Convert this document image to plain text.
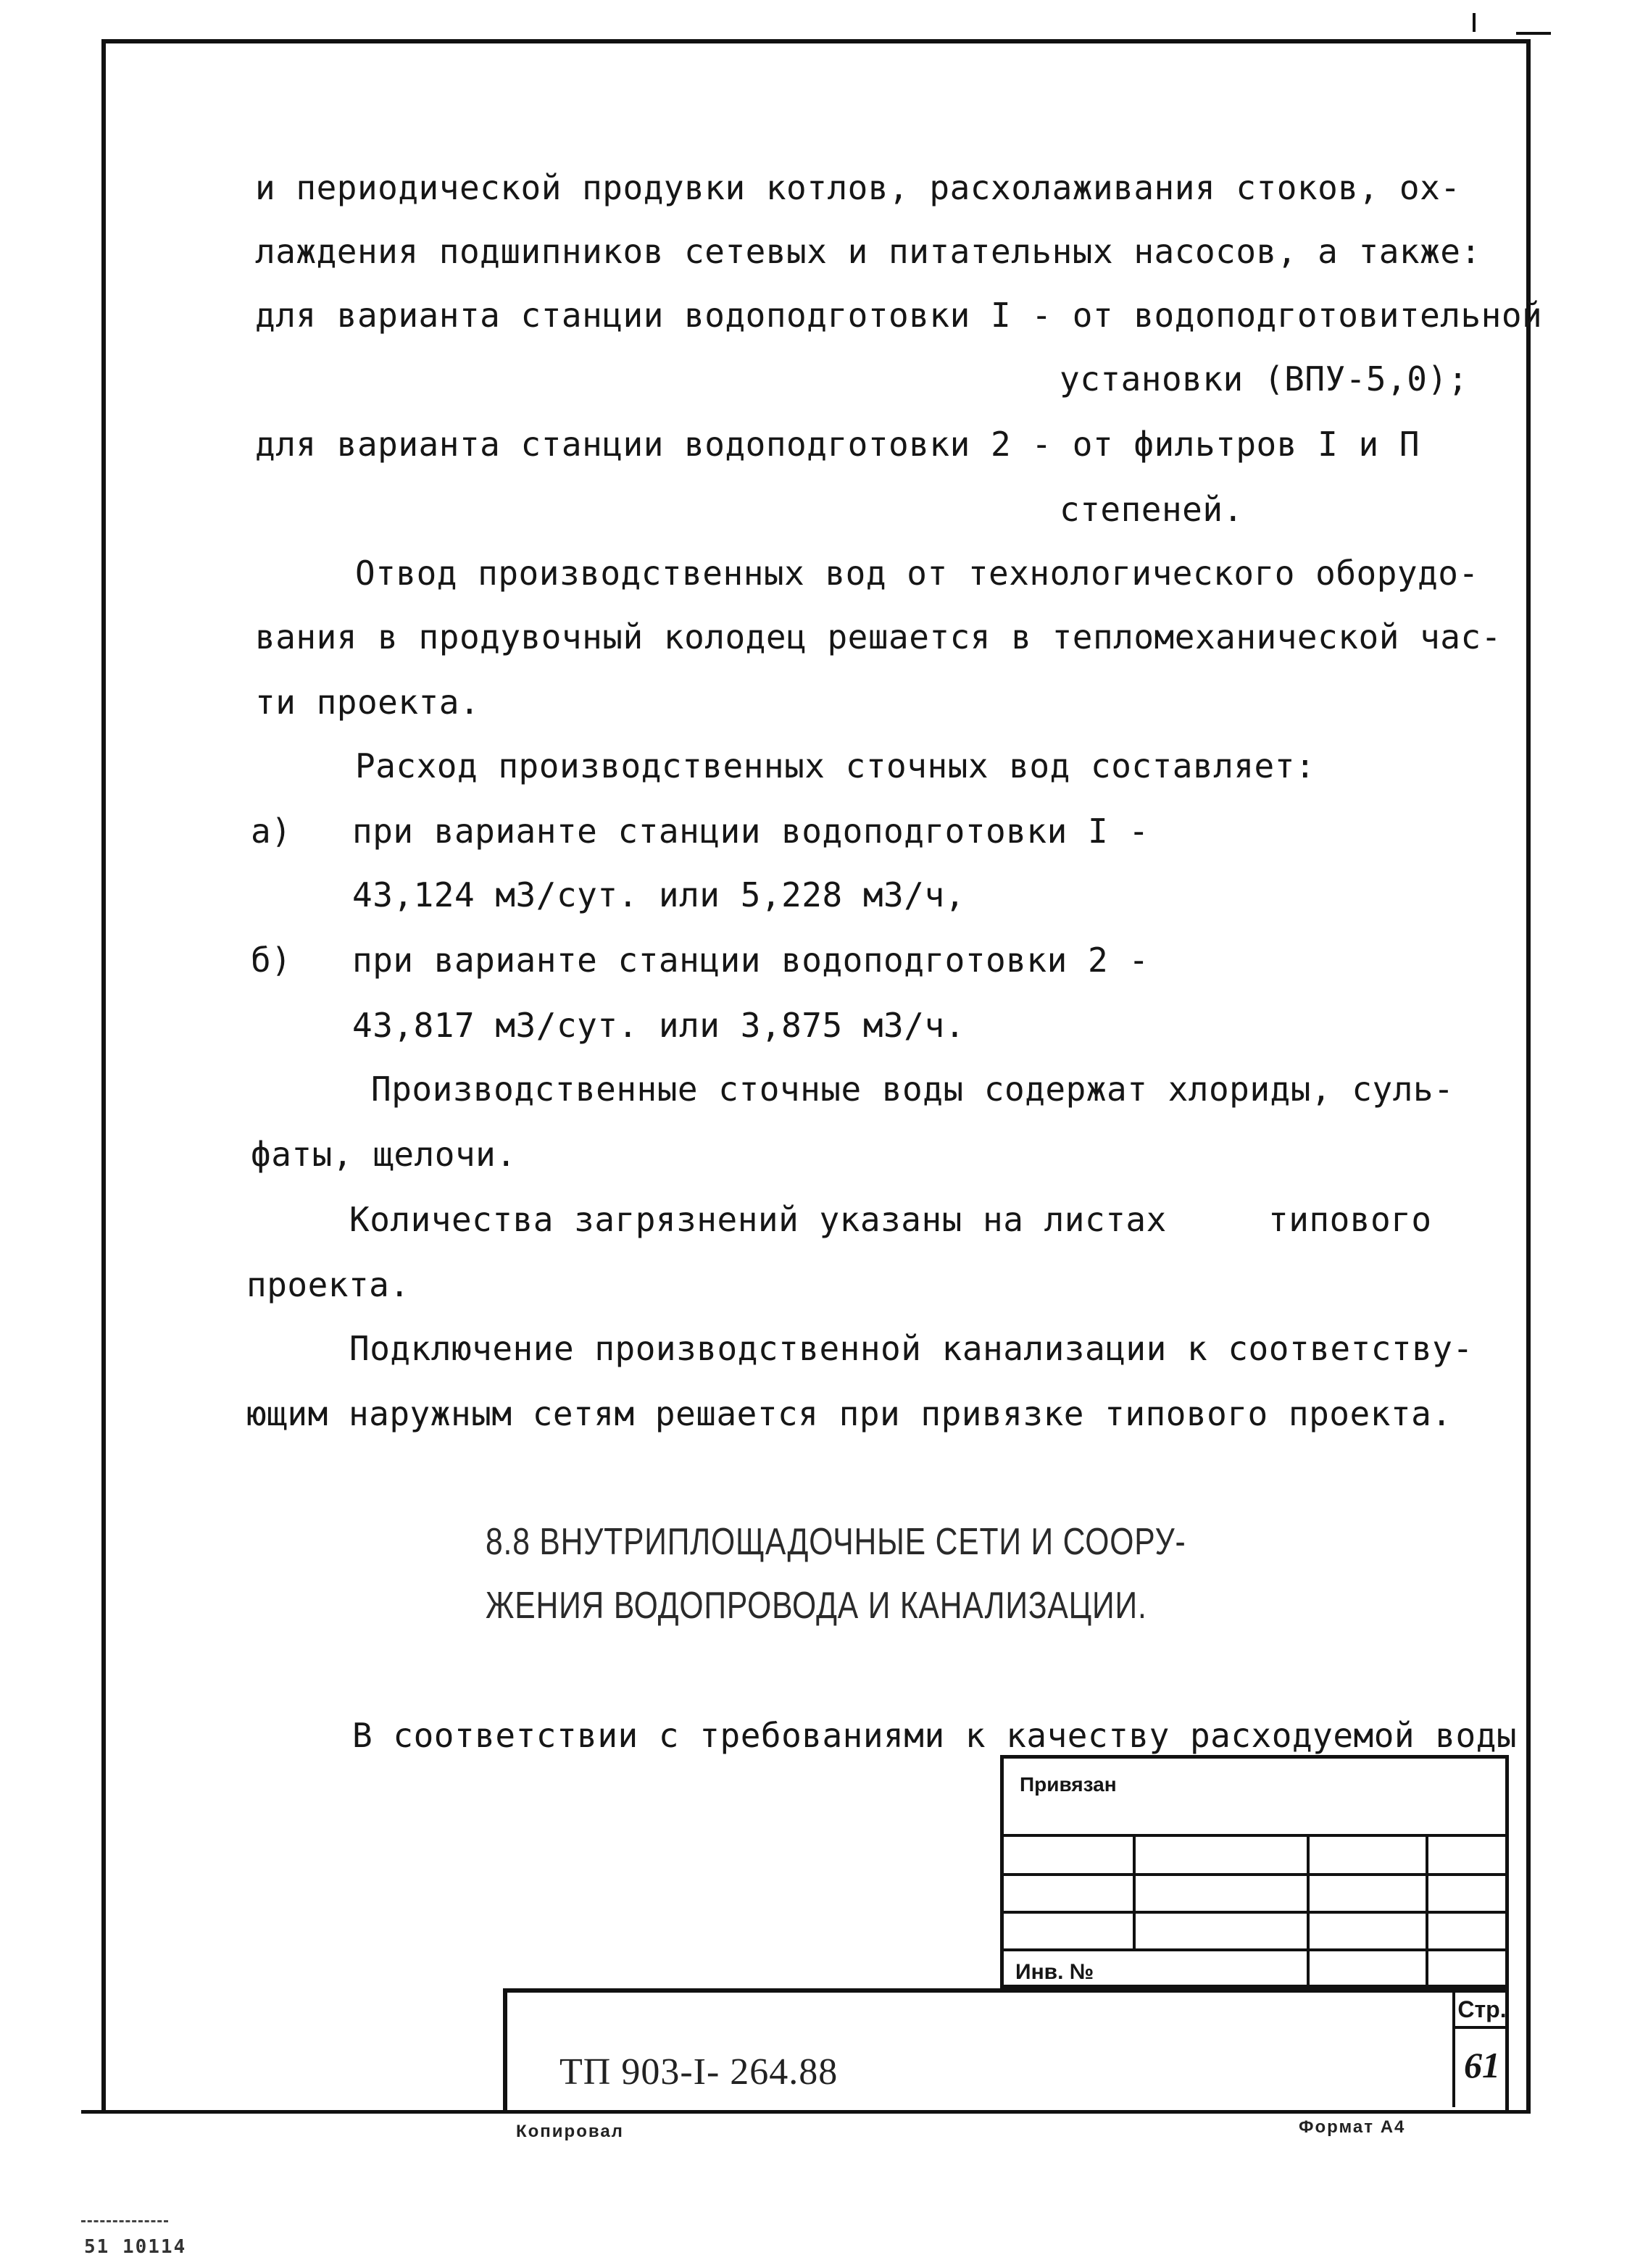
и периодической продувки котлов, расхолаживания стоков, ох-
лаждения подшипников сетевых и питательных насосов, а также:
для варианта станции водоподготовки I - от водоподготовительной
установки (ВПУ-5,0);
для варианта станции водоподготовки 2 - от фильтров I и П
степеней.
Отвод производственных вод от технологического оборудо-
вания в продувочный колодец решается в тепломеханической час-
ти проекта.
Расход производственных сточных вод составляет:
а) при варианте станции водоподготовки I -
43,124 м3/сут. или 5,228 м3/ч,
б) при варианте станции водоподготовки 2 -
43,817 м3/сут. или 3,875 м3/ч.
Производственные сточные воды содержат хлориды, суль-
фаты, щелочи.
Количества загрязнений указаны на листах	типового
проекта.
Подключение производственной канализации к соответству-
ющим наружным сетям решается при привязке типового проекта.
8.8 ВНУТРИПЛОЩАДОЧНЫЕ СЕТИ И СООРУ-
ЖЕНИЯ ВОДОПРОВОДА И КАНАЛИЗАЦИИ.
В соответствии с требованиями к качеству расходуемой воды
Привязан
Инв. №
ТП 903-I- 264.88
Стр.
61
Копировал	Формат А4
51 10114
